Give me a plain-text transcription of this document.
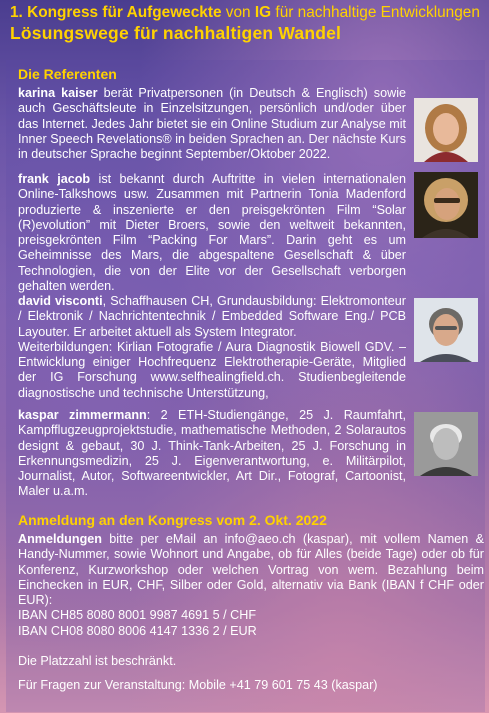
1. Kongress für Aufgeweckte von IG für nachhaltige Entwicklungen
Lösungswege für nachhaltigen Wandel
Die Referenten
karina kaiser berät Privatpersonen (in Deutsch & Englisch) sowie auch Geschäftsleute in Einzelsitzungen, persönlich und/oder über das Internet. Jedes Jahr bietet sie ein Online Studium zur Analyse mit Inner Speech Revelations® in beiden Sprachen an. Der nächste Kurs in deutscher Sprache beginnt September/Oktober 2022.
frank jacob ist bekannt durch Auftritte in vielen internationalen Online-Talkshows usw. Zusammen mit Partnerin Tonia Madenford produzierte & inszenierte er den preisgekrönten Film “Solar (R)evolution” mit Dieter Broers, sowie den weltweit bekannten, preisgekrönten Film “Packing For Mars”. Darin geht es um Geheimnisse des Mars, die abgespaltene Gesellschaft & über Technologien, die von der Elite vor der Gesellschaft verborgen gehalten werden.
david visconti, Schaffhausen CH, Grundausbildung: Elektromonteur / Elektronik / Nachrichtentechnik / Embedded Software Eng./ PCB Layouter. Er arbeitet aktuell als System Integrator.
Weiterbildungen: Kirlian Fotografie / Aura Diagnostik Biowell GDV. – Entwicklung einiger Hochfrequenz Elektrotherapie-Geräte, Mitglied der IG Forschung www.selfhealingfield.ch. Studienbegleitende diagnostische und technische Unterstützung,
kaspar zimmermann: 2 ETH-Studiengänge, 25 J. Raumfahrt, Kampfflugzeugprojektstudie, mathematische Methoden, 2 Solarautos designt & gebaut, 30 J. Think-Tank-Arbeiten, 25 J. Forschung in Erkennungsmedizin, 25 J. Eigenverantwortung, e. Militärpilot, Journalist, Autor, Softwareentwickler, Art Dir., Fotograf, Cartoonist, Maler u.a.m.
Anmeldung an den Kongress vom 2. Okt. 2022
Anmeldungen bitte per eMail an info@aeo.ch (kaspar), mit vollem Namen & Handy-Nummer, sowie Wohnort und Angabe, ob für Alles (beide Tage) oder ob für Konferenz, Kurzworkshop oder welchen Vortrag von wem. Bezahlung beim Einchecken in EUR, CHF, Silber oder Gold, alternativ via Bank (IBAN f CHF oder EUR):
IBAN CH85 8080 8001 9987 4691 5 / CHF
IBAN CH08 8080 8006 4147 1336 2 / EUR
Die Platzzahl ist beschränkt.
Für Fragen zur Veranstaltung: Mobile +41 79 601 75 43 (kaspar)
